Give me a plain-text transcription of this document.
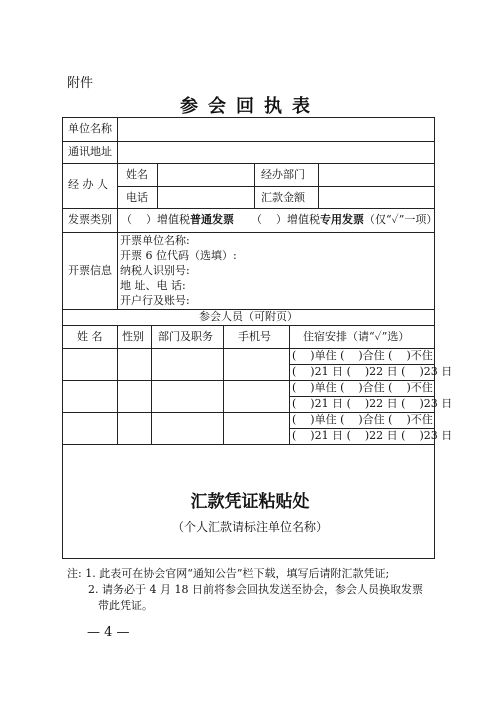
附件
参会回执表
单位名称
通讯地址
经 办 人
姓名	经办部门
电话	汇款金额
发票类别 （ ）增值税普通发票 （ ）增值税专用发票（仅“✓”一项）
开票信息
开票单位名称:
开票 6 位代码（选填）:
纳税人识别号:
地 址、电 话:
开户行及账号:
参会人员（可附页）
姓 名 性别 部门及职务 手机号	住宿安排（请“✓”选）
( )单住 ( )合住 ( )不住
( )21 日 ( )22 日 ( )23 日
( )单住 ( )合住 ( )不住
( )21 日 ( )22 日 ( )23 日
( )单住 ( )合住 ( )不住
( )21 日 ( )22 日 ( )23 日
汇款凭证粘贴处
（个人汇款请标注单位名称）
注: 1. 此表可在协会官网“通知公告”栏下载，填写后请附汇款凭证;
2. 请务必于 4 月 18 日前将参会回执发送至协会，参会人员换取发票
带此凭证。
— 4 —
